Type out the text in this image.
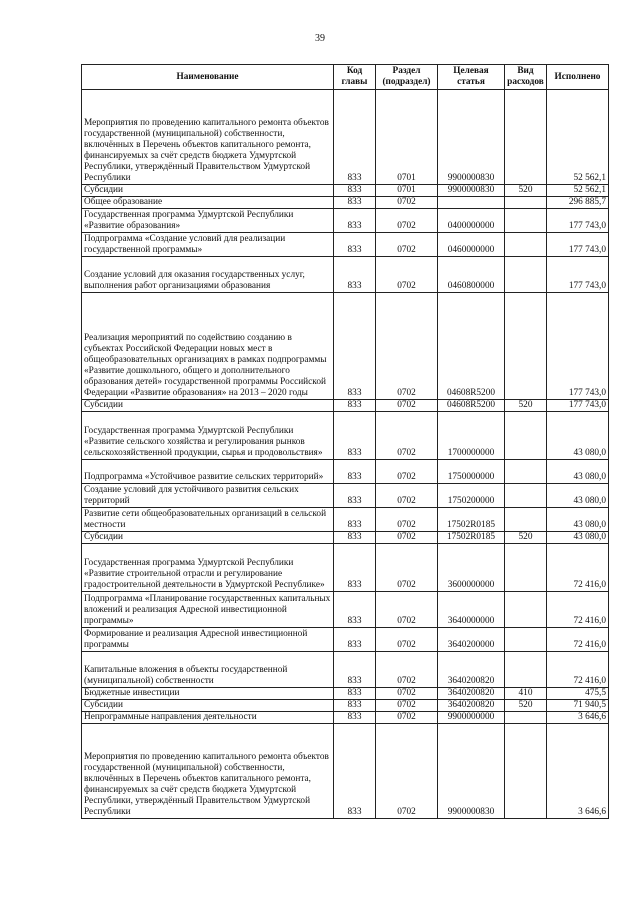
39
Наименование	Код главы	Раздел (подраздел)	Целевая статья	Вид расходов	Исполнено
Мероприятия по проведению капитального ремонта объектов государственной (муниципальной) собственности, включённых в Перечень объектов капитального ремонта, финансируемых за счёт средств бюджета Удмуртской Республики, утверждённый Правительством Удмуртской Республики	833	0701	9900000830		52 562,1
Субсидии	833	0701	9900000830	520	52 562,1
Общее образование	833	0702			296 885,7
Государственная программа Удмуртской Республики «Развитие образования»	833	0702	0400000000		177 743,0
Подпрограмма «Создание условий для реализации государственной программы»	833	0702	0460000000		177 743,0
Создание условий для оказания государственных услуг, выполнения работ организациями образования	833	0702	0460800000		177 743,0
Реализация мероприятий по содействию созданию в субъектах Российской Федерации новых мест в общеобразовательных организациях в рамках подпрограммы «Развитие дошкольного, общего и дополнительного образования детей» государственной программы Российской Федерации «Развитие образования» на 2013 – 2020 годы	833	0702	04608R5200		177 743,0
Субсидии	833	0702	04608R5200	520	177 743,0
Государственная программа Удмуртской Республики «Развитие сельского хозяйства и регулирования рынков сельскохозяйственной продукции, сырья и продовольствия»	833	0702	1700000000		43 080,0
Подпрограмма «Устойчивое развитие сельских территорий»	833	0702	1750000000		43 080,0
Создание условий для устойчивого развития сельских территорий	833	0702	1750200000		43 080,0
Развитие сети общеобразовательных организаций в сельской местности	833	0702	17502R0185		43 080,0
Субсидии	833	0702	17502R0185	520	43 080,0
Государственная программа Удмуртской Республики «Развитие строительной отрасли и регулирование градостроительной деятельности в Удмуртской Республике»	833	0702	3600000000		72 416,0
Подпрограмма «Планирование государственных капитальных вложений и реализация Адресной инвестиционной программы»	833	0702	3640000000		72 416,0
Формирование и реализация Адресной инвестиционной программы	833	0702	3640200000		72 416,0
Капитальные вложения в объекты государственной (муниципальной) собственности	833	0702	3640200820		72 416,0
Бюджетные инвестиции	833	0702	3640200820	410	475,5
Субсидии	833	0702	3640200820	520	71 940,5
Непрограммные направления деятельности	833	0702	9900000000		3 646,6
Мероприятия по проведению капитального ремонта объектов государственной (муниципальной) собственности, включённых в Перечень объектов капитального ремонта, финансируемых за счёт средств бюджета Удмуртской Республики, утверждённый Правительством Удмуртской Республики	833	0702	9900000830		3 646,6
